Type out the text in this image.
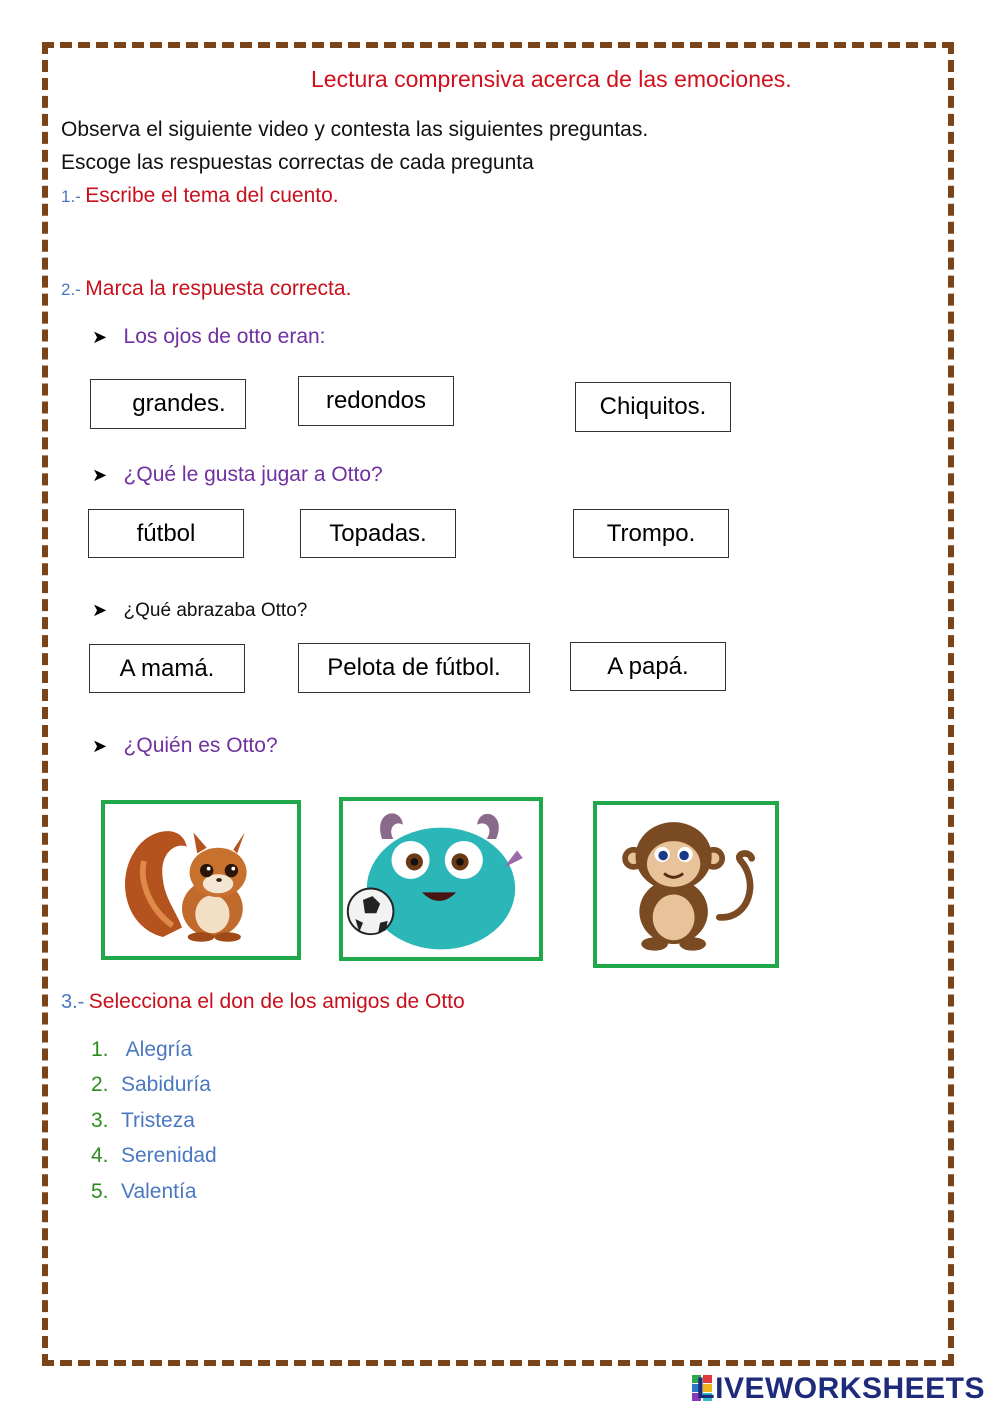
Lectura comprensiva acerca de las emociones.
Observa el siguiente video y contesta las siguientes preguntas.
Escoge las respuestas correctas de cada pregunta
1.- Escribe el tema del cuento.
2.- Marca la respuesta correcta.
➤ Los ojos de otto eran:
grandes.	redondos	Chiquitos.
➤ ¿Qué le gusta jugar a Otto?
fútbol	Topadas.	Trompo.
➤ ¿Qué abrazaba Otto?
A mamá.	Pelota de fútbol.	A papá.
➤ ¿Quién es Otto?
3.- Selecciona el don de los amigos de Otto
1. Alegría
2. Sabiduría
3. Tristeza
4. Serenidad
5. Valentía
LIVEWORKSHEETS
